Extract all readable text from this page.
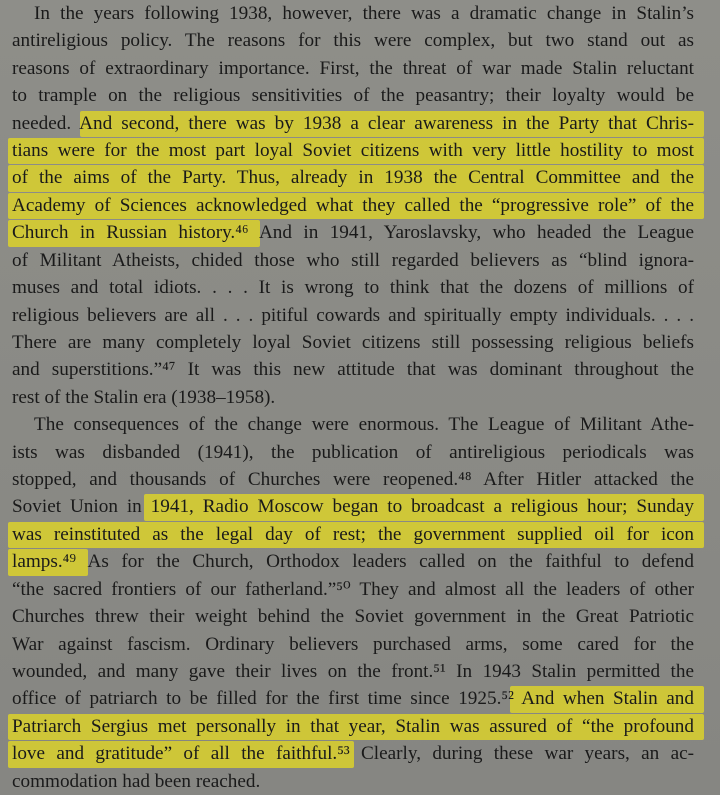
In the years following 1938, however, there was a dramatic change in Stalin’s
antireligious policy. The reasons for this were complex, but two stand out as
reasons of extraordinary importance. First, the threat of war made Stalin reluctant
to trample on the religious sensitivities of the peasantry; their loyalty would be
needed. And second, there was by 1938 a clear awareness in the Party that Chris-
tians were for the most part loyal Soviet citizens with very little hostility to most
of the aims of the Party. Thus, already in 1938 the Central Committee and the
Academy of Sciences acknowledged what they called the “progressive role” of the
Church in Russian history.⁴⁶ And in 1941, Yaroslavsky, who headed the League
of Militant Atheists, chided those who still regarded believers as “blind ignora-
muses and total idiots. . . . It is wrong to think that the dozens of millions of
religious believers are all . . . pitiful cowards and spiritually empty individuals. . . .
There are many completely loyal Soviet citizens still possessing religious beliefs
and superstitions.”⁴⁷ It was this new attitude that was dominant throughout the
rest of the Stalin era (1938–1958).
The consequences of the change were enormous. The League of Militant Athe-
ists was disbanded (1941), the publication of antireligious periodicals was
stopped, and thousands of Churches were reopened.⁴⁸ After Hitler attacked the
Soviet Union in 1941, Radio Moscow began to broadcast a religious hour; Sunday
was reinstituted as the legal day of rest; the government supplied oil for icon
lamps.⁴⁹ As for the Church, Orthodox leaders called on the faithful to defend
“the sacred frontiers of our fatherland.”⁵⁰ They and almost all the leaders of other
Churches threw their weight behind the Soviet government in the Great Patriotic
War against fascism. Ordinary believers purchased arms, some cared for the
wounded, and many gave their lives on the front.⁵¹ In 1943 Stalin permitted the
office of patriarch to be filled for the first time since 1925.⁵² And when Stalin and
Patriarch Sergius met personally in that year, Stalin was assured of “the profound
love and gratitude” of all the faithful.⁵³ Clearly, during these war years, an ac-
commodation had been reached.
